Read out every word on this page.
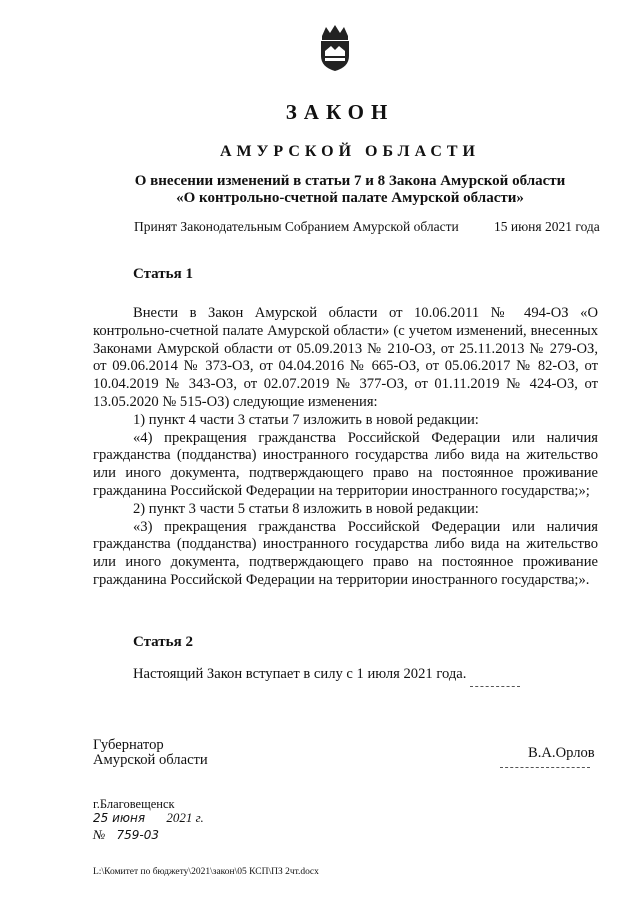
ЗАКОН
АМУРСКОЙ ОБЛАСТИ
О внесении изменений в статьи 7 и 8 Закона Амурской области
«О контрольно-счетной палате Амурской области»
Принят Законодательным Собранием Амурской области	15 июня 2021 года
Статья 1

Внести в Закон Амурской области от 10.06.2011 № 494-ОЗ «О контрольно-счетной палате Амурской области» (с учетом изменений, внесенных Законами Амурской области от 05.09.2013 № 210-ОЗ, от 25.11.2013 № 279-ОЗ, от 09.06.2014 № 373-ОЗ, от 04.04.2016 № 665-ОЗ, от 05.06.2017 № 82-ОЗ, от 10.04.2019 № 343-ОЗ, от 02.07.2019 № 377-ОЗ, от 01.11.2019 № 424-ОЗ, от 13.05.2020 № 515-ОЗ) следующие изменения:

1) пункт 4 части 3 статьи 7 изложить в новой редакции:

«4) прекращения гражданства Российской Федерации или наличия гражданства (подданства) иностранного государства либо вида на жительство или иного документа, подтверждающего право на постоянное проживание гражданина Российской Федерации на территории иностранного государства;»;

2) пункт 3 части 5 статьи 8 изложить в новой редакции:

«3) прекращения гражданства Российской Федерации или наличия гражданства (подданства) иностранного государства либо вида на жительство или иного документа, подтверждающего право на постоянное проживание гражданина Российской Федерации на территории иностранного государства;».

Статья 2
Настоящий Закон вступает в силу с 1 июля 2021 года.
Губернатор
Амурской области	В.А.Орлов
г.Благовещенск
25 июня 2021 г.
№ 759-03
L:\Комитет по бюджету\2021\закон\05 КСП\ПЗ 2чт.docx
